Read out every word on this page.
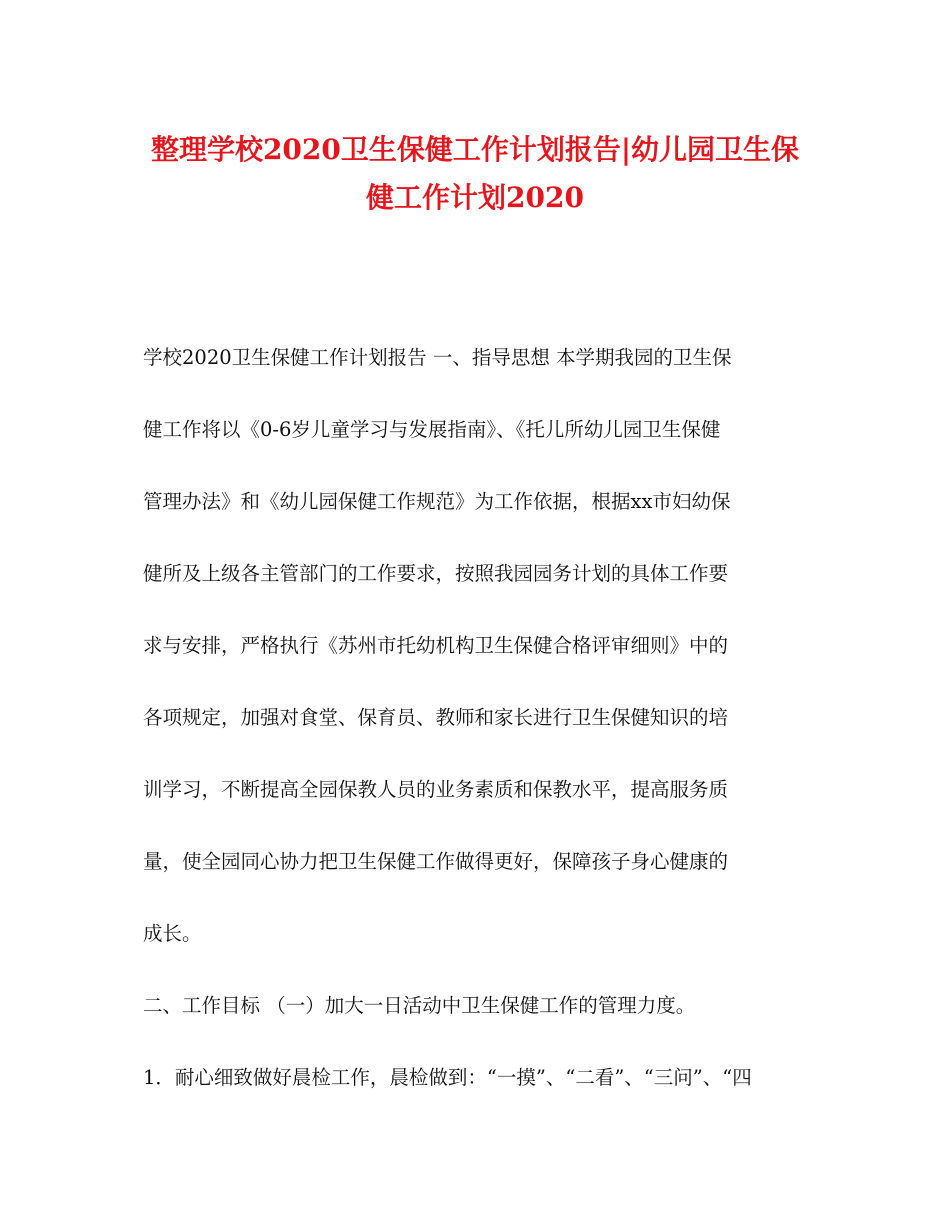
整理学校2020卫生保健工作计划报告|幼儿园卫生保
健工作计划2020
学校2020卫生保健工作计划报告 一、指导思想 本学期我园的卫生保
健工作将以《0-6岁儿童学习与发展指南》、《托儿所幼儿园卫生保健
管理办法》和《幼儿园保健工作规范》为工作依据，根据xx市妇幼保
健所及上级各主管部门的工作要求，按照我园园务计划的具体工作要
求与安排，严格执行《苏州市托幼机构卫生保健合格评审细则》中的
各项规定，加强对食堂、保育员、教师和家长进行卫生保健知识的培
训学习，不断提高全园保教人员的业务素质和保教水平，提高服务质
量，使全园同心协力把卫生保健工作做得更好，保障孩子身心健康的
成长。
二、工作目标 （一）加大一日活动中卫生保健工作的管理力度。
1．耐心细致做好晨检工作，晨检做到：“一摸”、“二看”、“三问”、“四
